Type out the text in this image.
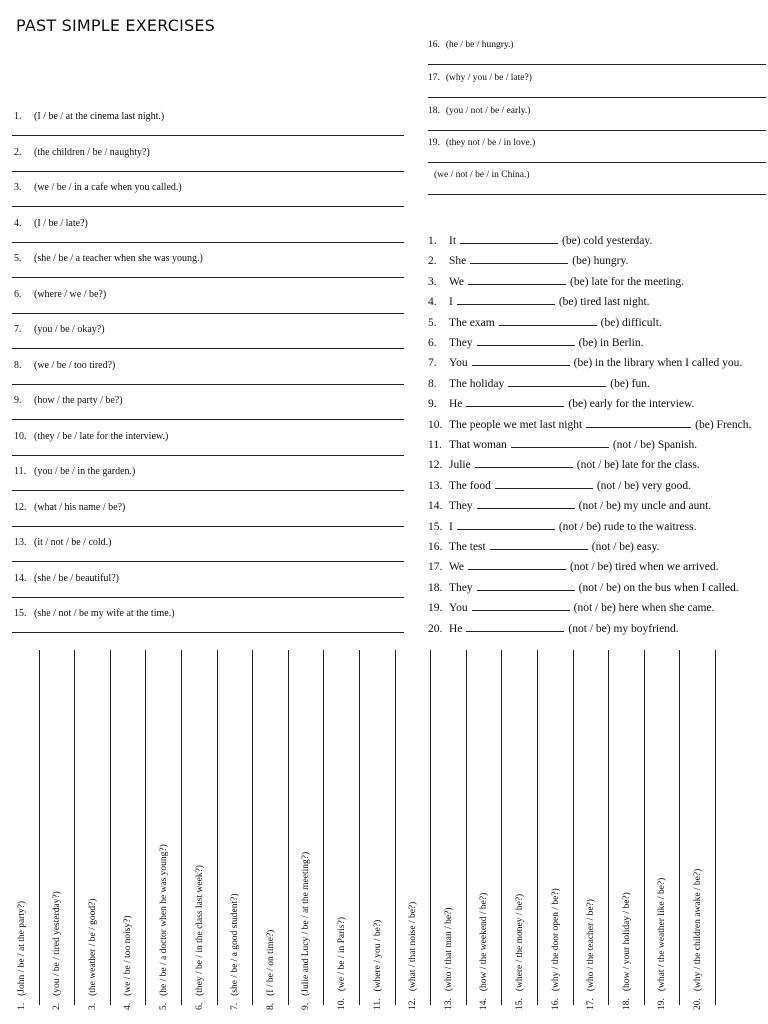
PAST SIMPLE EXERCISES
1. (I / be / at the cinema last night.)
2. (the children / be / naughty?)
3. (we / be / in a cafe when you called.)
4. (I / be / late?)
5. (she / be / a teacher when she was young.)
6. (where / we / be?)
7. (you / be / okay?)
8. (we / be / too tired?)
9. (how / the party / be?)
10. (they / be / late for the interview.)
11. (you / be / in the garden.)
12. (what / his name / be?)
13. (it / not / be / cold.)
14. (she / be / beautiful?)
15. (she / not / be my wife at the time.)
16. (he / be / hungry.)
17. (why / you / be / late?)
18. (you / not / be / early.)
19. (they not / be / in love.)
(we / not / be / in China.)
1. It	(be) cold yesterday.
2. She	(be) hungry.
3. We	(be) late for the meeting.
4. I	(be) tired last night.
5. The exam	(be) difficult.
6. They	(be) in Berlin.
7. You	(be) in the library when I called you.
8. The holiday	(be) fun.
9. He	(be) early for the interview.
10. The people we met last night	(be) French.
11. That woman	(not / be) Spanish.
12. Julie	(not / be) late for the class.
13. The food	(not / be) very good.
14. They	(not / be) my uncle and aunt.
15. I	(not / be) rude to the waitress.
16. The test	(not / be) easy.
17. We	(not / be) tired when we arrived.
18. They	(not / be) on the bus when I called.
19. You	(not / be) here when she came.
20. He	(not / be) my boyfriend.
1.(John / be / at the party?)
2.(you / be / tired yesterday?)
3.(the weather / be / good?)
4.(we / be / too noisy?)
5.(he / be / a doctor when he was young?)
6.(they / be / in the class last week?)
7.(she / be / a good student?)
8.(I / be / on time?)
9.(Julie and Lucy / be / at the meeting?)
10.(we / be / in Paris?)
11.(where / you / be?)
12.(what / that noise / be?)
13.(who / that man / be?)
14.(how / the weekend / be?)
15.(where / the money / be?)
16.(why / the door open / be?)
17.(who / the teacher / be?)
18.(how / your holiday / be?)
19.(what / the weather like / be?)
20.(why / the children awake / be?)
